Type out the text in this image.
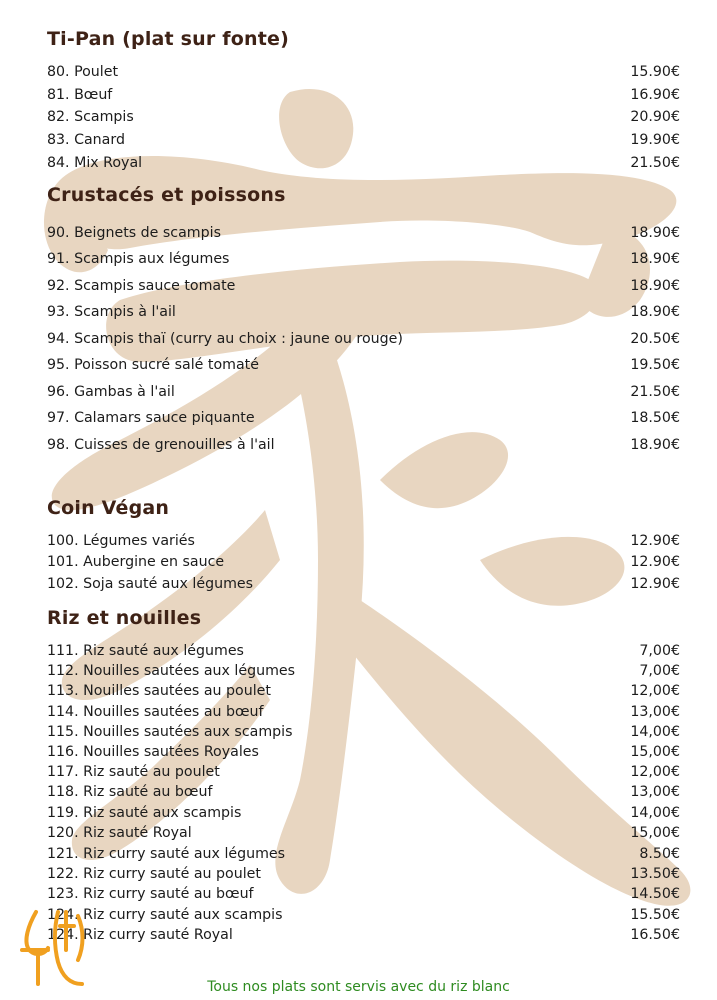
Ti-Pan (plat sur fonte)
80. Poulet	15.90€
81. Bœuf	16.90€
82. Scampis	20.90€
83. Canard	19.90€
84. Mix Royal	21.50€
Crustacés et poissons
90. Beignets de scampis	18.90€
91. Scampis aux légumes	18.90€
92. Scampis sauce tomate	18.90€
93. Scampis à l'ail	18.90€
94. Scampis thaï (curry au choix : jaune ou rouge)	20.50€
95. Poisson sucré salé tomaté	19.50€
96. Gambas à l'ail	21.50€
97. Calamars sauce piquante	18.50€
98. Cuisses de grenouilles à l'ail	18.90€
Coin Végan
100. Légumes variés	12.90€
101. Aubergine en sauce	12.90€
102. Soja sauté aux légumes	12.90€
Riz et nouilles
111. Riz sauté aux légumes	7,00€
112. Nouilles sautées aux légumes	7,00€
113. Nouilles sautées au poulet	12,00€
114. Nouilles sautées au bœuf	13,00€
115. Nouilles sautées aux scampis	14,00€
116. Nouilles sautées Royales	15,00€
117. Riz sauté au poulet	12,00€
118. Riz sauté au bœuf	13,00€
119. Riz sauté aux scampis	14,00€
120. Riz sauté Royal	15,00€
121. Riz curry sauté aux légumes	8.50€
122. Riz curry sauté au poulet	13.50€
123. Riz curry sauté au bœuf	14.50€
124. Riz curry sauté aux scampis	15.50€
124. Riz curry sauté Royal	16.50€
Tous nos plats sont servis avec du riz blanc
